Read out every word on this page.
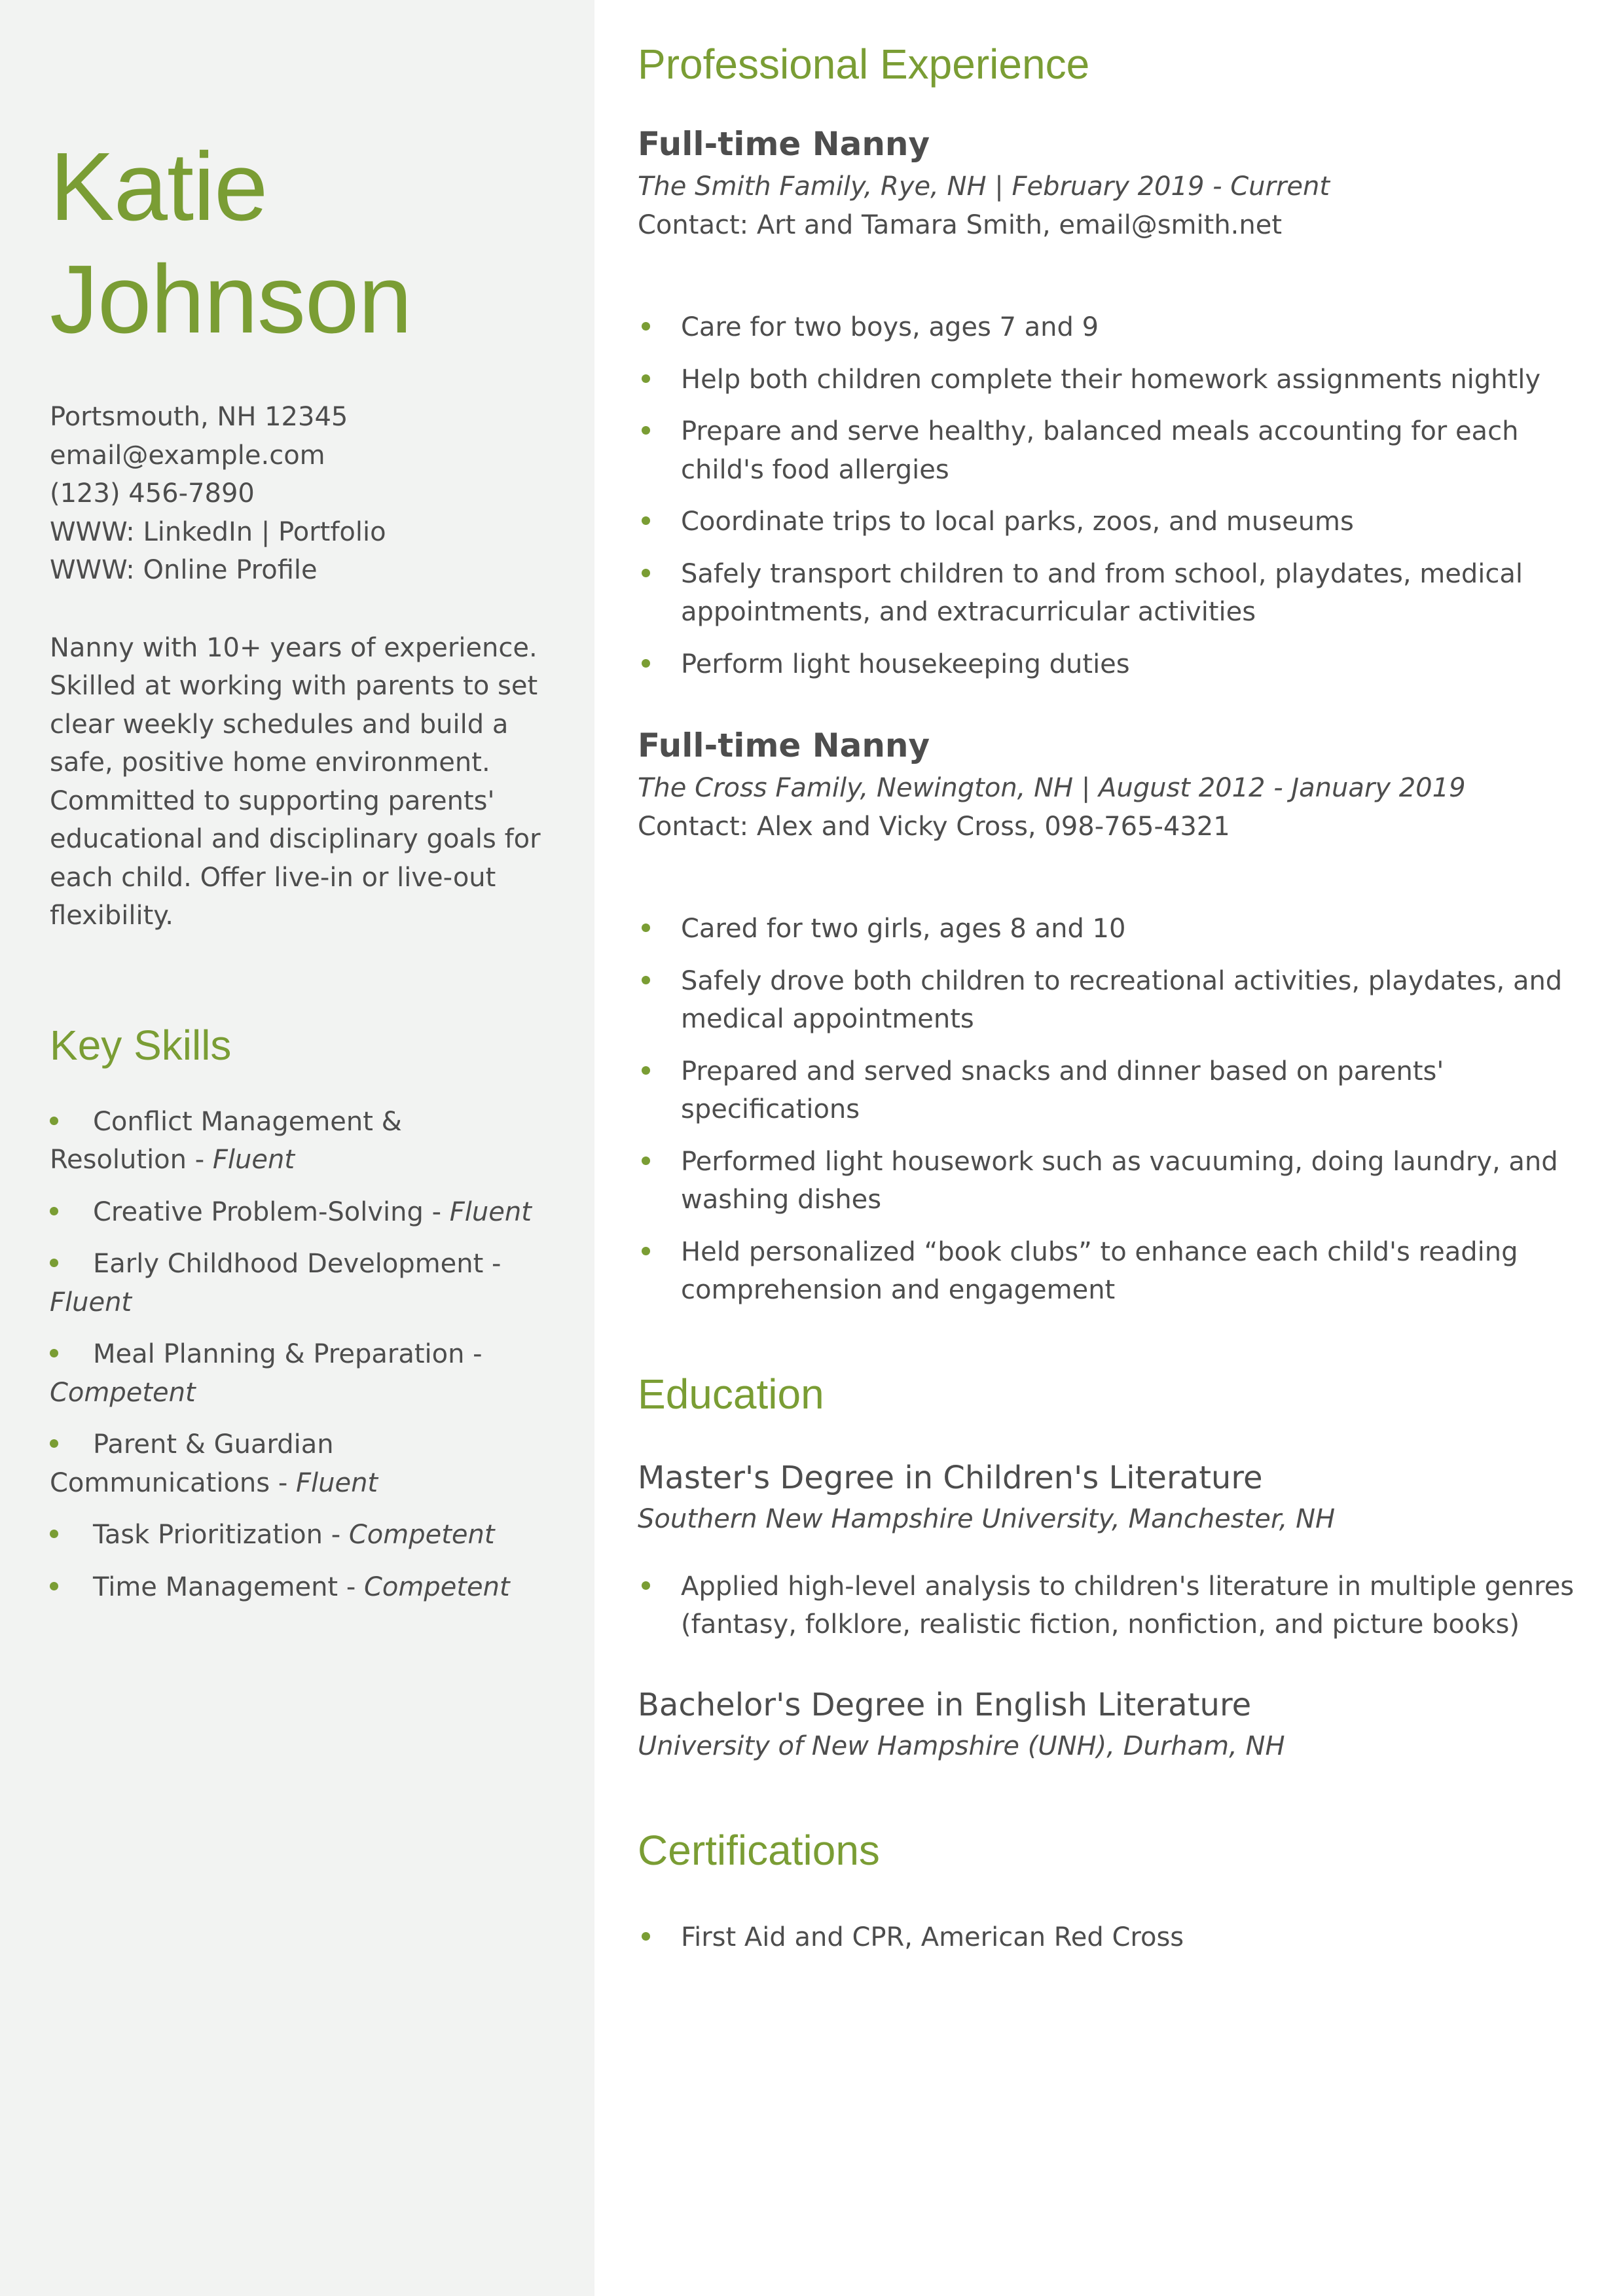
Katie
Johnson
Portsmouth, NH 12345
email@example.com
(123) 456-7890
WWW: LinkedIn | Portfolio
WWW: Online Profile

Nanny with 10+ years of experience. Skilled at working with parents to set clear weekly schedules and build a safe, positive home environment. Committed to supporting parents' educational and disciplinary goals for each child. Offer live-in or live-out flexibility.

Key Skills
Conflict Management & Resolution - Fluent
Creative Problem-Solving - Fluent
Early Childhood Development - Fluent
Meal Planning & Preparation - Competent
Parent & Guardian Communications - Fluent
Task Prioritization - Competent
Time Management - Competent
Professional Experience
Full-time Nanny
The Smith Family, Rye, NH | February 2019 - Current
Contact: Art and Tamara Smith, email@smith.net
Care for two boys, ages 7 and 9
Help both children complete their homework assignments nightly
Prepare and serve healthy, balanced meals accounting for each child's food allergies
Coordinate trips to local parks, zoos, and museums
Safely transport children to and from school, playdates, medical appointments, and extracurricular activities
Perform light housekeeping duties
Full-time Nanny
The Cross Family, Newington, NH | August 2012 - January 2019
Contact: Alex and Vicky Cross, 098-765-4321
Cared for two girls, ages 8 and 10
Safely drove both children to recreational activities, playdates, and medical appointments
Prepared and served snacks and dinner based on parents' specifications
Performed light housework such as vacuuming, doing laundry, and washing dishes
Held personalized “book clubs” to enhance each child's reading comprehension and engagement
Education
Master's Degree in Children's Literature
Southern New Hampshire University, Manchester, NH
Applied high-level analysis to children's literature in multiple genres (fantasy, folklore, realistic fiction, nonfiction, and picture books)
Bachelor's Degree in English Literature
University of New Hampshire (UNH), Durham, NH
Certifications
First Aid and CPR, American Red Cross
